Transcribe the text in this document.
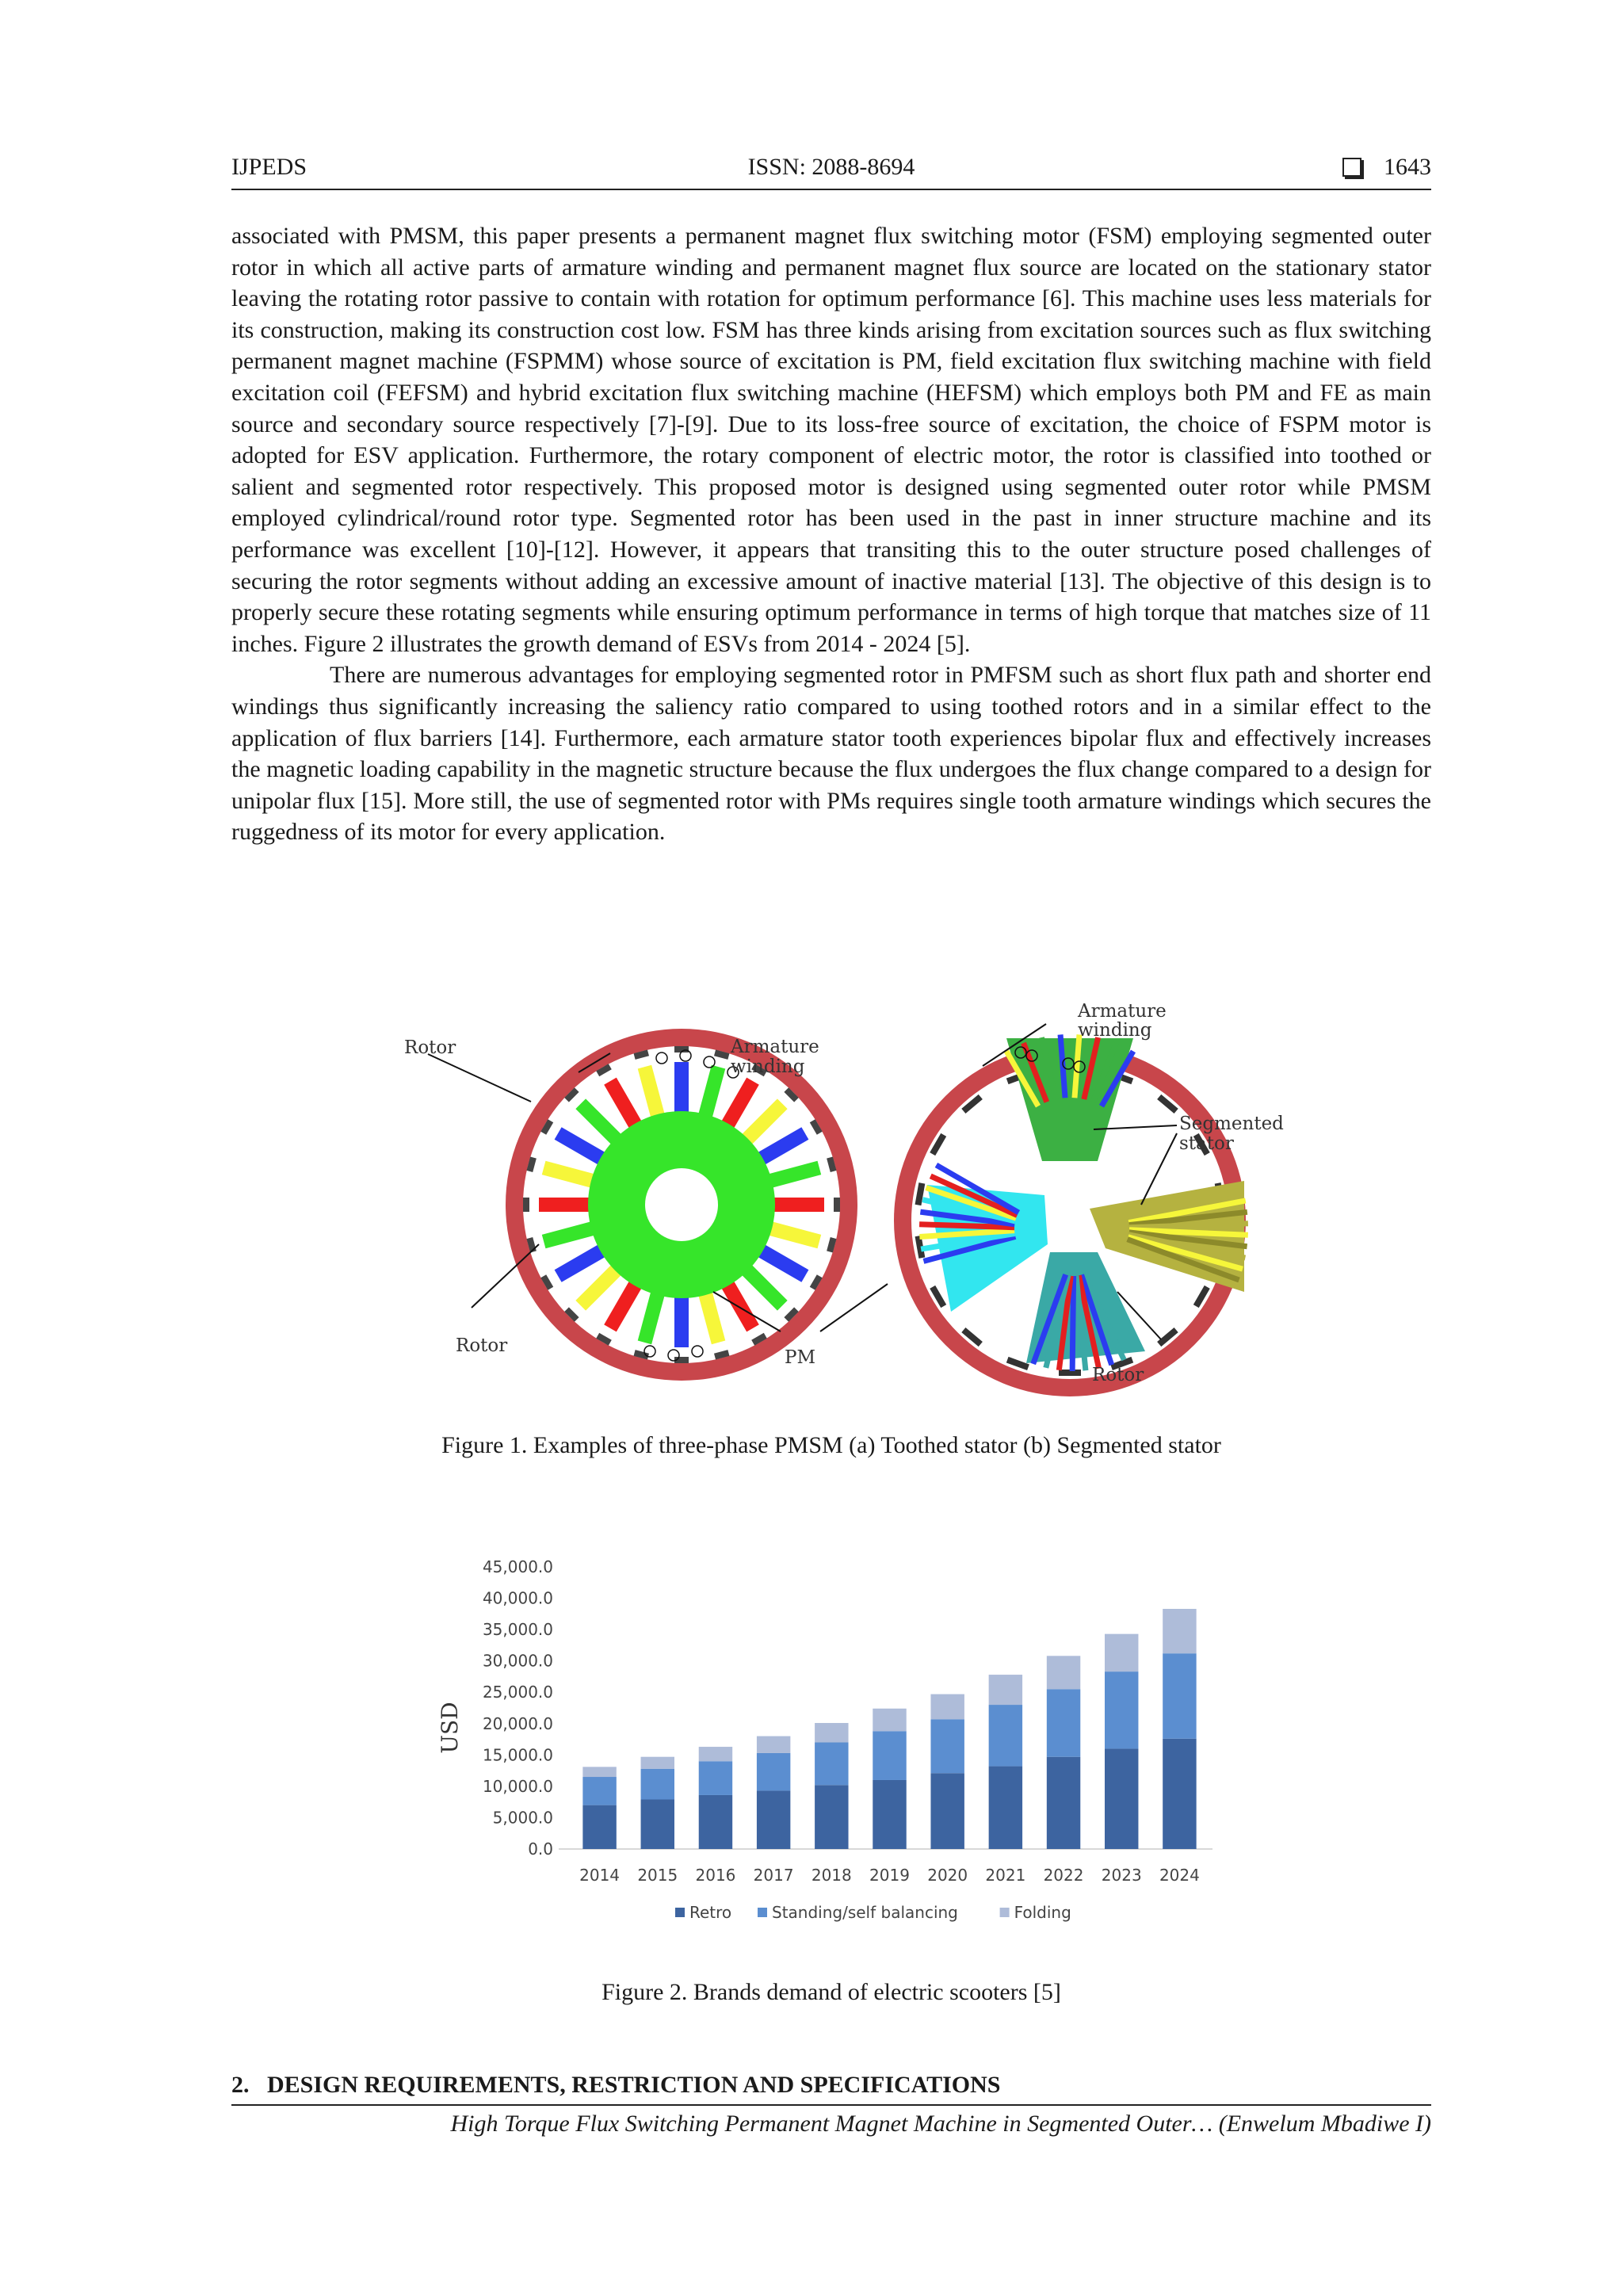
IJPEDS	ISSN: 2088-8694	1643

associated with PMSM, this paper presents a permanent magnet flux switching motor (FSM) employing segmented outer rotor in which all active parts of armature winding and permanent magnet flux source are located on the stationary stator leaving the rotating rotor passive to contain with rotation for optimum performance [6]. This machine uses less materials for its construction, making its construction cost low. FSM has three kinds arising from excitation sources such as flux switching permanent magnet machine (FSPMM) whose source of excitation is PM, field excitation flux switching machine with field excitation coil (FEFSM) and hybrid excitation flux switching machine (HEFSM) which employs both PM and FE as main source and secondary source respectively [7]-[9]. Due to its loss-free source of excitation, the choice of FSPM motor is adopted for ESV application. Furthermore, the rotary component of electric motor, the rotor is classified into toothed or salient and segmented rotor respectively. This proposed motor is designed using segmented outer rotor while PMSM employed cylindrical/round rotor type. Segmented rotor has been used in the past in inner structure machine and its performance was excellent [10]-[12]. However, it appears that transiting this to the outer structure posed challenges of securing the rotor segments without adding an excessive amount of inactive material [13]. The objective of this design is to properly secure these rotating segments while ensuring optimum performance in terms of high torque that matches size of 11 inches. Figure 2 illustrates the growth demand of ESVs from 2014 - 2024 [5].

There are numerous advantages for employing segmented rotor in PMFSM such as short flux path and shorter end windings thus significantly increasing the saliency ratio compared to using toothed rotors and in a similar effect to the application of flux barriers [14]. Furthermore, each armature stator tooth experiences bipolar flux and effectively increases the magnetic loading capability in the magnetic structure because the flux undergoes the flux change compared to a design for unipolar flux [15]. More still, the use of segmented rotor with PMs requires single tooth armature windings which secures the ruggedness of its motor for every application.

Rotor	Armature
winding
Rotor
PM
Armature
winding
Segmented
stator
Rotor
Figure 1. Examples of three-phase PMSM (a) Toothed stator (b) Segmented stator
USD
45,000.0
40,000.0
35,000.0
30,000.0
25,000.0
20,000.0
15,000.0
10,000.0
5,000.0
0.0
2014 2015 2016 2017 2018 2019 2020 2021 2022 2023 2024
Retro	Standing/self balancing	Folding
Figure 2. Brands demand of electric scooters [5]
2.   DESIGN REQUIREMENTS, RESTRICTION AND SPECIFICATIONS
High Torque Flux Switching Permanent Magnet Machine in Segmented Outer… (Enwelum Mbadiwe I)
